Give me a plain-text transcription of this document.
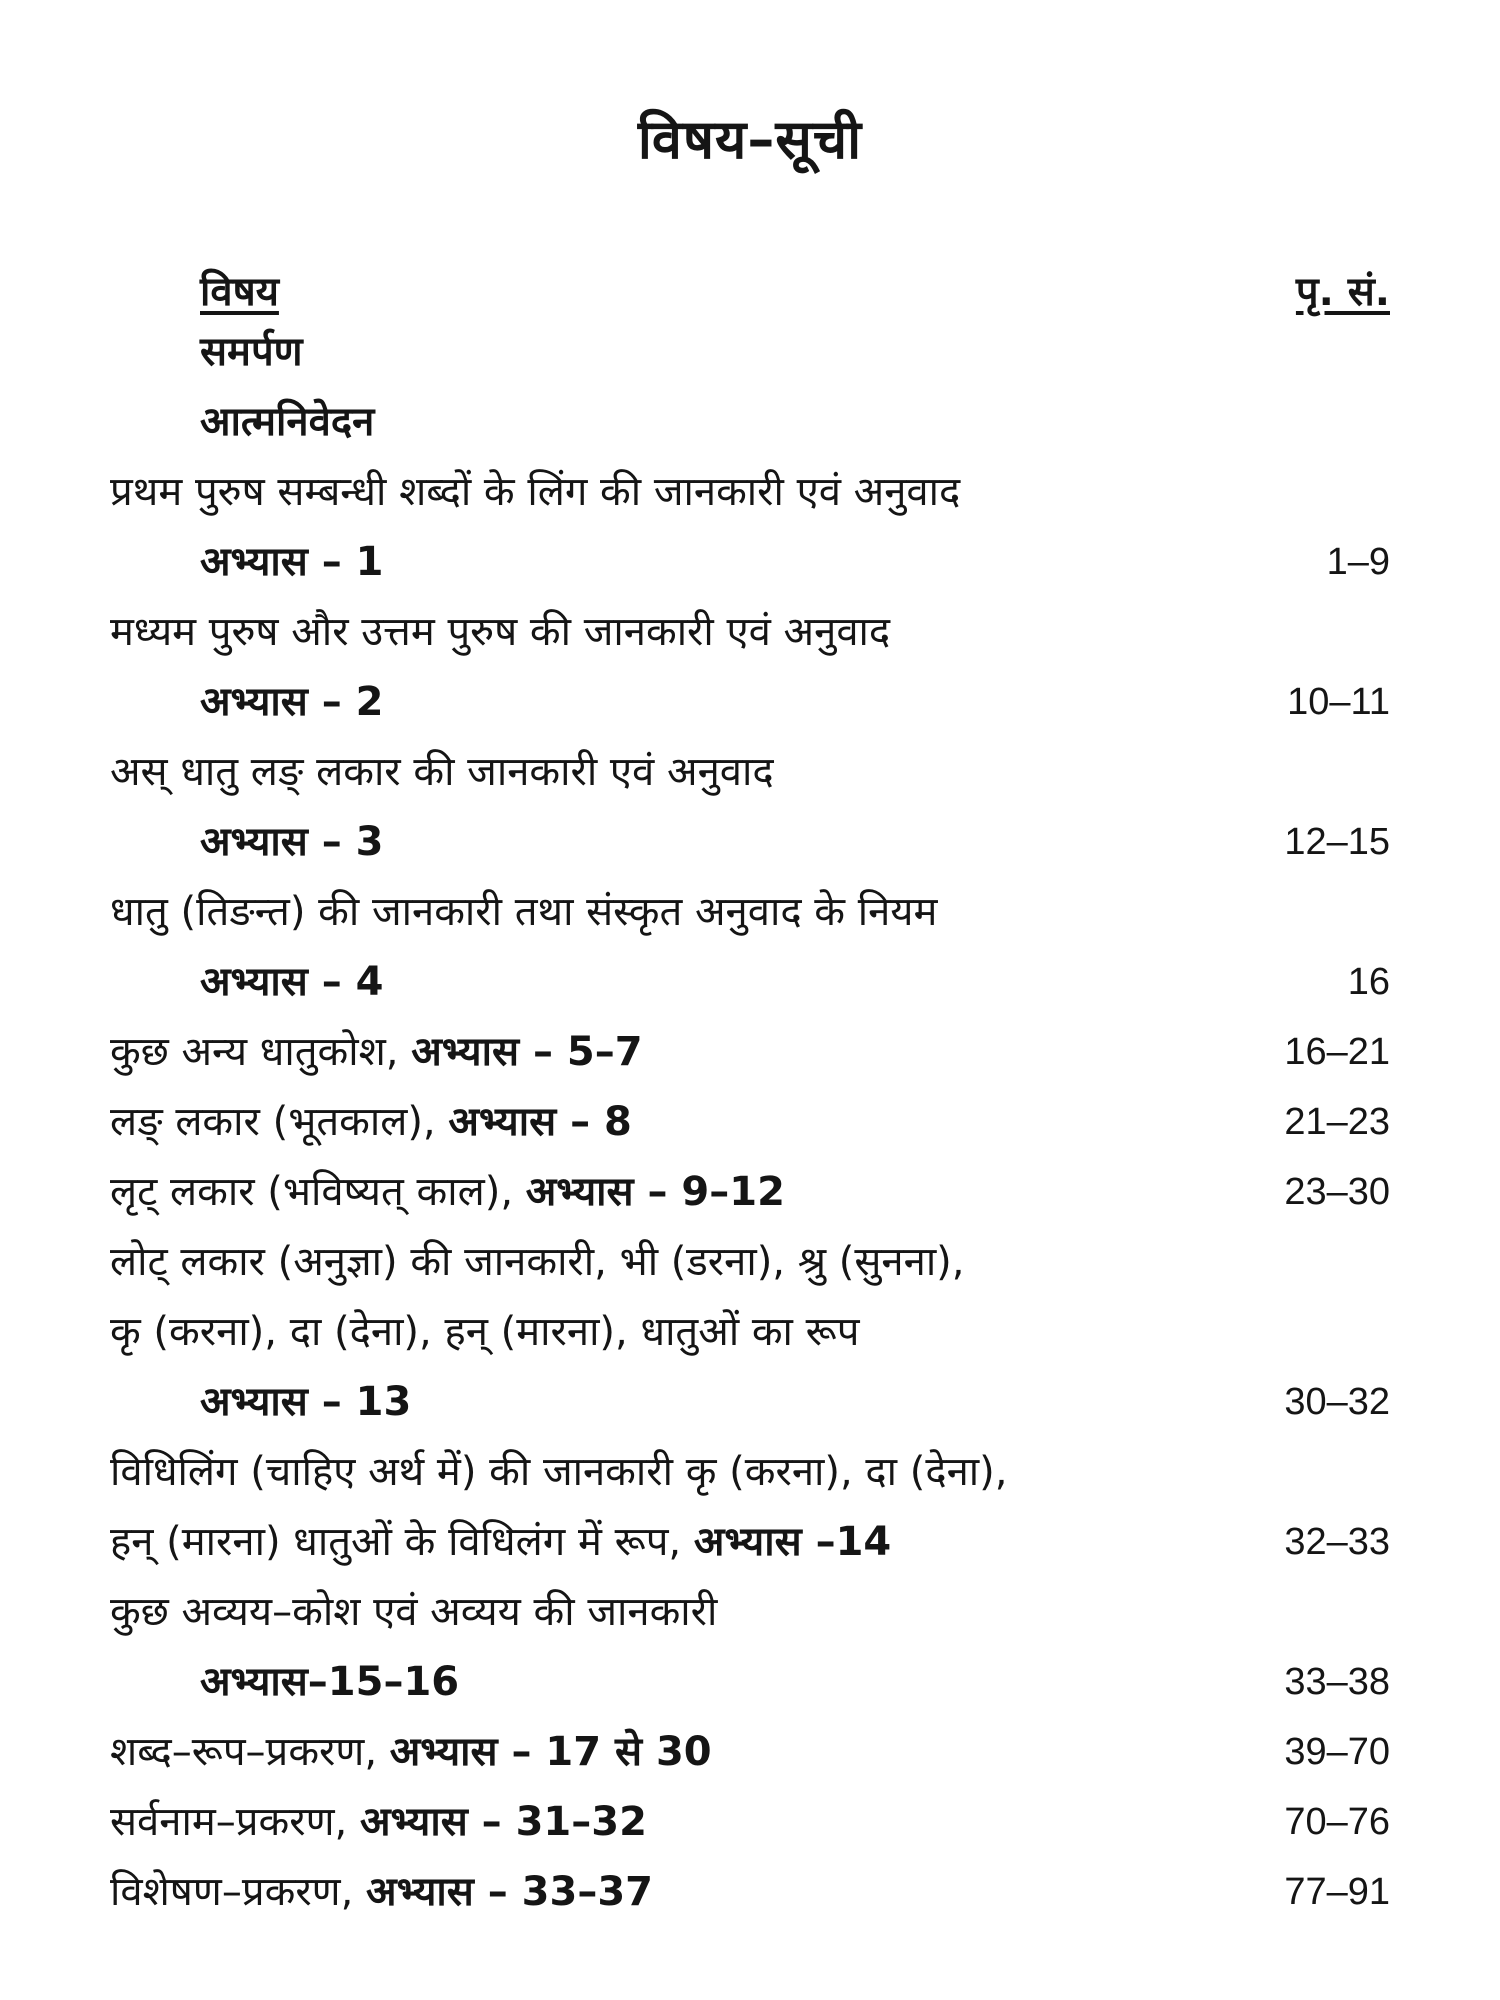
विषय–सूची
विषय	पृ. सं.
समर्पण
आत्मनिवेदन
प्रथम पुरुष सम्बन्धी शब्दों के लिंग की जानकारी एवं अनुवाद
अभ्यास – 1	1–9
मध्यम पुरुष और उत्तम पुरुष की जानकारी एवं अनुवाद
अभ्यास – 2	10–11
अस् धातु लङ् लकार की जानकारी एवं अनुवाद
अभ्यास – 3	12–15
धातु (तिङन्त) की जानकारी तथा संस्कृत अनुवाद के नियम
अभ्यास – 4	16
कुछ अन्य धातुकोश, अभ्यास – 5–7	16–21
लङ् लकार (भूतकाल), अभ्यास – 8	21–23
लृट् लकार (भविष्यत् काल), अभ्यास – 9–12	23–30
लोट् लकार (अनुज्ञा) की जानकारी, भी (डरना), श्रु (सुनना),
कृ (करना), दा (देना), हन् (मारना), धातुओं का रूप
अभ्यास – 13	30–32
विधिलिंग (चाहिए अर्थ में) की जानकारी कृ (करना), दा (देना),
हन् (मारना) धातुओं के विधिलंग में रूप, अभ्यास –14	32–33
कुछ अव्यय–कोश एवं अव्यय की जानकारी
अभ्यास–15–16	33–38
शब्द–रूप–प्रकरण, अभ्यास – 17 से 30	39–70
सर्वनाम–प्रकरण, अभ्यास – 31–32	70–76
विशेषण–प्रकरण, अभ्यास – 33–37	77–91
